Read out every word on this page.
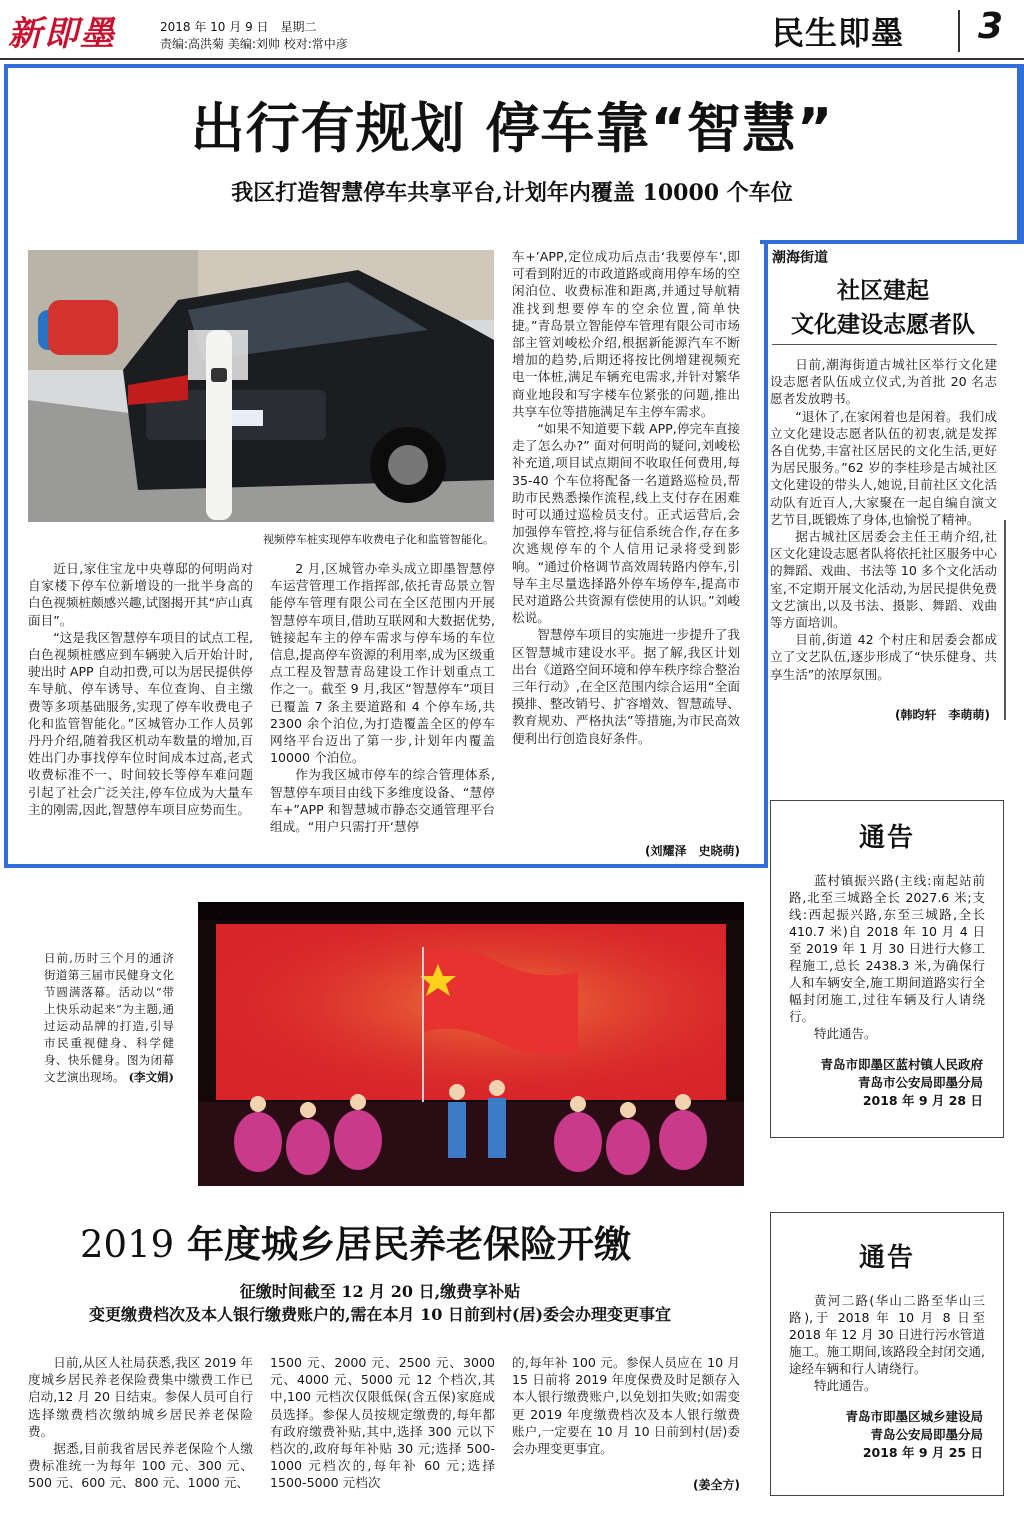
新即墨	2018 年 10 月 9 日　星期二
责编:高洪菊 美编:刘帅 校对:常中彦	民生即墨 3
出行有规划 停车靠“智慧”
我区打造智慧停车共享平台,计划年内覆盖 10000 个车位
视频停车桩实现停车收费电子化和监管智能化。

近日,家住宝龙中央尊邸的何明尚对自家楼下停车位新增设的一批半身高的白色视频桩颇感兴趣,试图揭开其“庐山真面目”。

“这是我区智慧停车项目的试点工程,白色视频桩感应到车辆驶入后开始计时,驶出时 APP 自动扣费,可以为居民提供停车导航、停车诱导、车位查询、自主缴费等多项基础服务,实现了停车收费电子化和监管智能化。”区城管办工作人员郭丹丹介绍,随着我区机动车数量的增加,百姓出门办事找停车位时间成本过高,老式收费标准不一、时间较长等停车难问题引起了社会广泛关注,停车位成为大量车主的刚需,因此,智慧停车项目应势而生。

2 月,区城管办牵头成立即墨智慧停车运营管理工作指挥部,依托青岛景立智能停车管理有限公司在全区范围内开展智慧停车项目,借助互联网和大数据优势,链接起车主的停车需求与停车场的车位信息,提高停车资源的利用率,成为区级重点工程及智慧青岛建设工作计划重点工作之一。截至 9 月,我区“智慧停车”项目已覆盖 7 条主要道路和 4 个停车场,共 2300 余个泊位,为打造覆盖全区的停车网络平台迈出了第一步,计划年内覆盖 10000 个泊位。

作为我区城市停车的综合管理体系,智慧停车项目由线下多维度设备、“慧停车+”APP 和智慧城市静态交通管理平台组成。“用户只需打开‘慧停

车+’APP,定位成功后点击‘我要停车’,即可看到附近的市政道路或商用停车场的空闲泊位、收费标准和距离,并通过导航精准找到想要停车的空余位置,简单快捷。”青岛景立智能停车管理有限公司市场部主管刘峻松介绍,根据新能源汽车不断增加的趋势,后期还将按比例增建视频充电一体桩,满足车辆充电需求,并针对繁华商业地段和写字楼车位紧张的问题,推出共享车位等措施满足车主停车需求。

“如果不知道要下载 APP,停完车直接走了怎么办?” 面对何明尚的疑问,刘峻松补充道,项目试点期间不收取任何费用,每 35-40 个车位将配备一名道路巡检员,帮助市民熟悉操作流程,线上支付存在困难时可以通过巡检员支付。正式运营后,会加强停车管控,将与征信系统合作,存在多次逃规停车的个人信用记录将受到影响。“通过价格调节高效周转路内停车,引导车主尽量选择路外停车场停车,提高市民对道路公共资源有偿使用的认识。”刘峻松说。

智慧停车项目的实施进一步提升了我区智慧城市建设水平。据了解,我区计划出台《道路空间环境和停车秩序综合整治三年行动》,在全区范围内综合运用“全面摸排、整改销号、扩容增效、智慧疏导、教育规劝、严格执法”等措施,为市民高效便利出行创造良好条件。

(刘耀泽　史晓萌)
潮海街道
社区建起
文化建设志愿者队

日前,潮海街道古城社区举行文化建设志愿者队伍成立仪式,为首批 20 名志愿者发放聘书。

“退休了,在家闲着也是闲着。我们成立文化建设志愿者队伍的初衷,就是发挥各自优势,丰富社区居民的文化生活,更好为居民服务。”62 岁的李桂珍是古城社区文化建设的带头人,她说,目前社区文化活动队有近百人,大家聚在一起自编自演文艺节目,既锻炼了身体,也愉悦了精神。

据古城社区居委会主任王萌介绍,社区文化建设志愿者队将依托社区服务中心的舞蹈、戏曲、书法等 10 多个文化活动室,不定期开展文化活动,为居民提供免费文艺演出,以及书法、摄影、舞蹈、戏曲等方面培训。

目前,街道 42 个村庄和居委会都成立了文艺队伍,逐步形成了“快乐健身、共享生活”的浓厚氛围。

(韩昀轩　李萌萌)
通告

蓝村镇振兴路(主线:南起站前路,北至三城路全长 2027.6 米;支线:西起振兴路,东至三城路,全长 410.7 米)自 2018 年 10 月 4 日至 2019 年 1 月 30 日进行大修工程施工,总长 2438.3 米,为确保行人和车辆安全,施工期间道路实行全幅封闭施工,过往车辆及行人请绕行。

特此通告。

青岛市即墨区蓝村镇人民政府
青岛市公安局即墨分局
2018 年 9 月 28 日
日前,历时三个月的通济街道第三届市民健身文化节圆满落幕。活动以“带上快乐动起来”为主题,通过运动品牌的打造,引导市民重视健身、科学健身、快乐健身。图为闭幕文艺演出现场。 (李文娟)
2019 年度城乡居民养老保险开缴
征缴时间截至 12 月 20 日,缴费享补贴
变更缴费档次及本人银行缴费账户的,需在本月 10 日前到村(居)委会办理变更事宜

日前,从区人社局获悉,我区 2019 年度城乡居民养老保险费集中缴费工作已启动,12 月 20 日结束。参保人员可自行选择缴费档次缴纳城乡居民养老保险费。

据悉,目前我省居民养老保险个人缴费标准统一为每年 100 元、300 元、500 元、600 元、800 元、1000 元、

1500 元、2000 元、2500 元、3000 元、4000 元、5000 元 12 个档次,其中,100 元档次仅限低保(含五保)家庭成员选择。参保人员按规定缴费的,每年都有政府缴费补贴,其中,选择 300 元以下档次的,政府每年补贴 30 元;选择 500-1000 元档次的,每年补 60 元;选择 1500-5000 元档次

的,每年补 100 元。参保人员应在 10 月 15 日前将 2019 年度保费及时足额存入本人银行缴费账户,以免划扣失败;如需变更 2019 年度缴费档次及本人银行缴费账户,一定要在 10 月 10 日前到村(居)委会办理变更事宜。

(姜全方)
通告

黄河二路(华山二路至华山三路),于 2018 年 10 月 8 日至 2018 年 12 月 30 日进行污水管道施工。施工期间,该路段全封闭交通,途经车辆和行人请绕行。

特此通告。

青岛市即墨区城乡建设局
青岛公安局即墨分局
2018 年 9 月 25 日
